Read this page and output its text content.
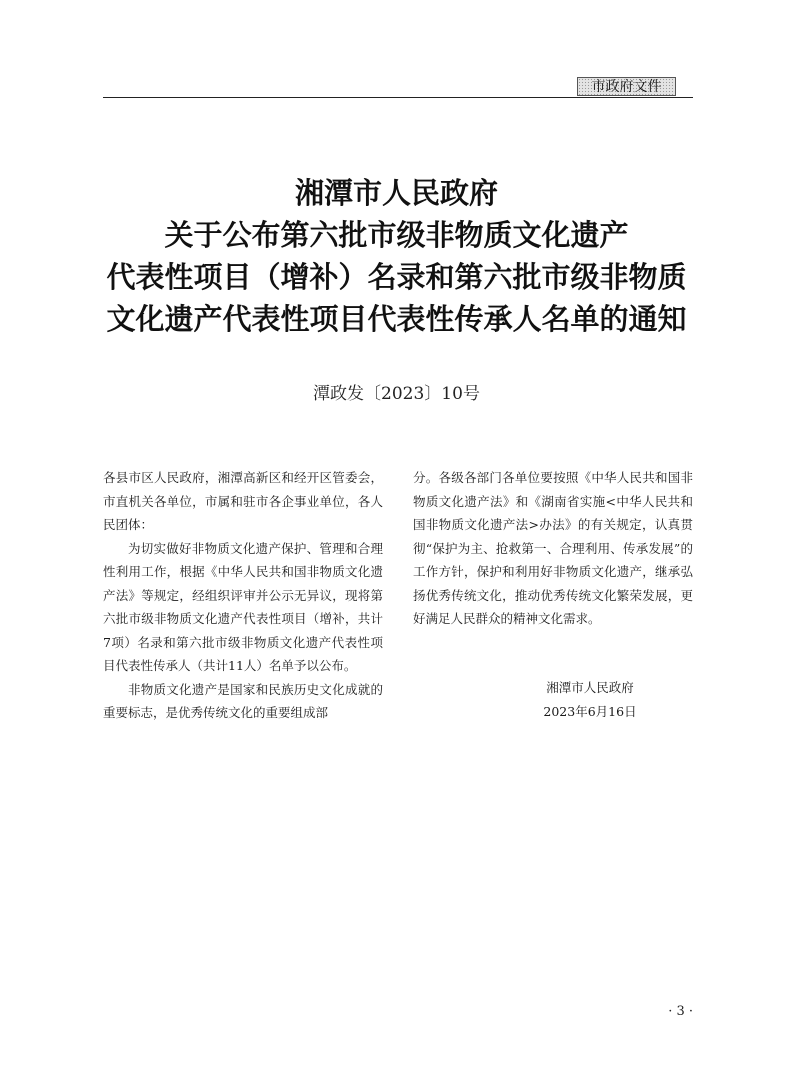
市政府文件
湘潭市人民政府
关于公布第六批市级非物质文化遗产
代表性项目（增补）名录和第六批市级非物质
文化遗产代表性项目代表性传承人名单的通知
潭政发〔2023〕10号

各县市区人民政府，湘潭高新区和经开区管委会，市直机关各单位，市属和驻市各企事业单位，各人民团体：

为切实做好非物质文化遗产保护、管理和合理性利用工作，根据《中华人民共和国非物质文化遗产法》等规定，经组织评审并公示无异议，现将第六批市级非物质文化遗产代表性项目（增补，共计7项）名录和第六批市级非物质文化遗产代表性项目代表性传承人（共计11人）名单予以公布。

非物质文化遗产是国家和民族历史文化成就的重要标志，是优秀传统文化的重要组成部

分。各级各部门各单位要按照《中华人民共和国非物质文化遗产法》和《湖南省实施<中华人民共和国非物质文化遗产法>办法》的有关规定，认真贯彻“保护为主、抢救第一、合理利用、传承发展”的工作方针，保护和利用好非物质文化遗产，继承弘扬优秀传统文化，推动优秀传统文化繁荣发展，更好满足人民群众的精神文化需求。

湘潭市人民政府
2023年6月16日
· 3 ·
